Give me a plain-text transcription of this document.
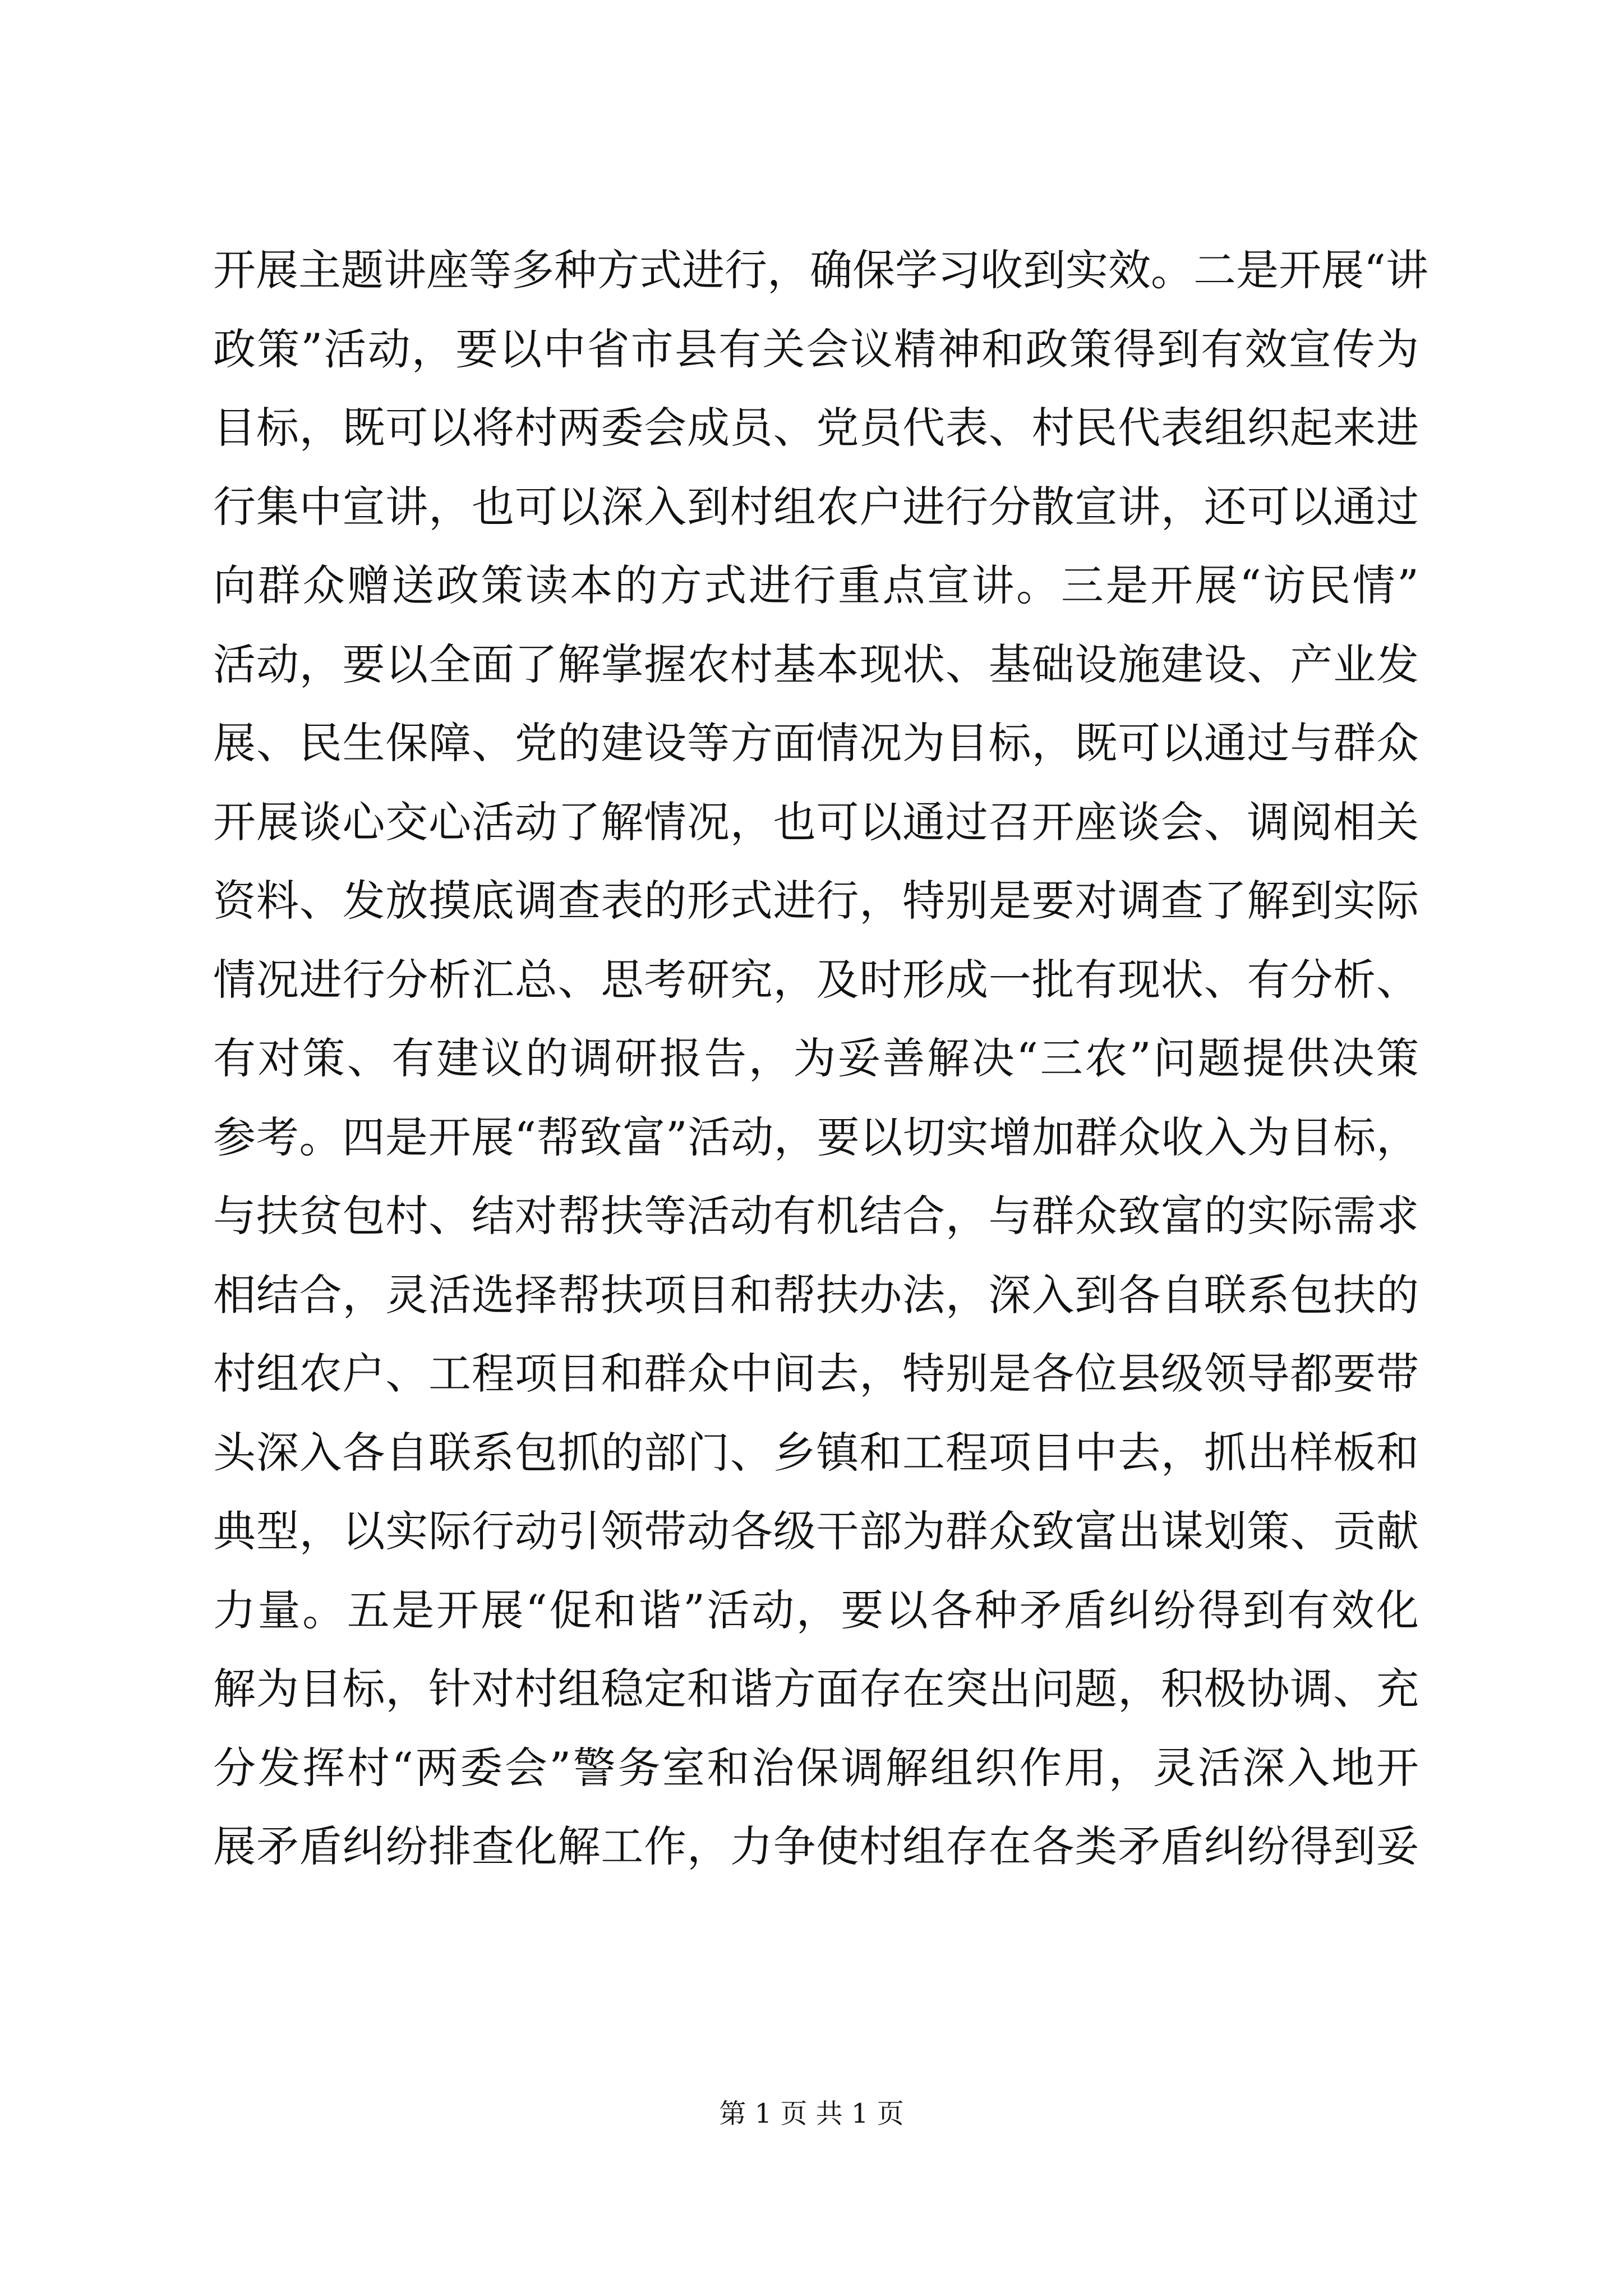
开展主题讲座等多种方式进行，确保学习收到实效。二是开展“讲
政策”活动，要以中省市县有关会议精神和政策得到有效宣传为
目标，既可以将村两委会成员、党员代表、村民代表组织起来进
行集中宣讲，也可以深入到村组农户进行分散宣讲，还可以通过
向群众赠送政策读本的方式进行重点宣讲。三是开展“访民情”
活动，要以全面了解掌握农村基本现状、基础设施建设、产业发
展、民生保障、党的建设等方面情况为目标，既可以通过与群众
开展谈心交心活动了解情况，也可以通过召开座谈会、调阅相关
资料、发放摸底调查表的形式进行，特别是要对调查了解到实际
情况进行分析汇总、思考研究，及时形成一批有现状、有分析、
有对策、有建议的调研报告，为妥善解决“三农”问题提供决策
参考。四是开展“帮致富”活动，要以切实增加群众收入为目标，
与扶贫包村、结对帮扶等活动有机结合，与群众致富的实际需求
相结合，灵活选择帮扶项目和帮扶办法，深入到各自联系包扶的
村组农户、工程项目和群众中间去，特别是各位县级领导都要带
头深入各自联系包抓的部门、乡镇和工程项目中去，抓出样板和
典型，以实际行动引领带动各级干部为群众致富出谋划策、贡献
力量。五是开展“促和谐”活动，要以各种矛盾纠纷得到有效化
解为目标，针对村组稳定和谐方面存在突出问题，积极协调、充
分发挥村“两委会”警务室和治保调解组织作用，灵活深入地开
展矛盾纠纷排查化解工作，力争使村组存在各类矛盾纠纷得到妥
第 1 页 共 1 页
